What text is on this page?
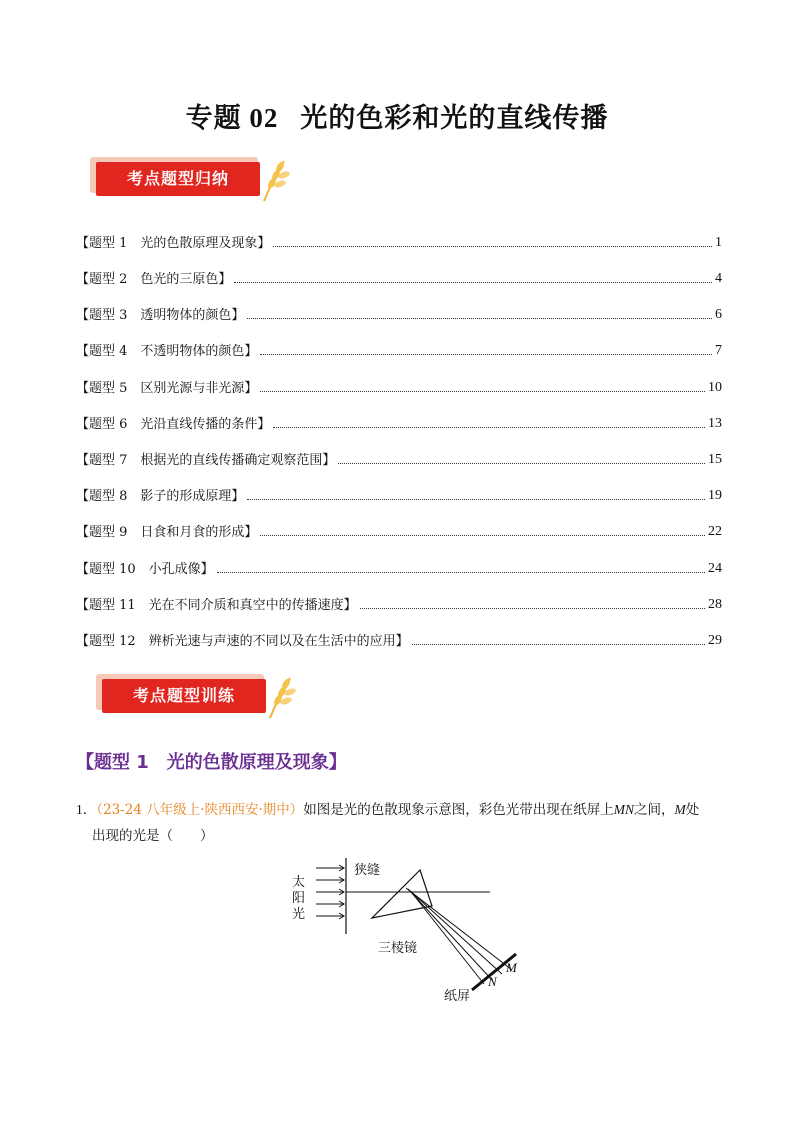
专题 02 光的色彩和光的直线传播
考点题型归纳
【题型 1　光的色散原理及现象】	1
【题型 2　色光的三原色】	4
【题型 3　透明物体的颜色】	6
【题型 4　不透明物体的颜色】	7
【题型 5　区别光源与非光源】	10
【题型 6　光沿直线传播的条件】	13
【题型 7　根据光的直线传播确定观察范围】	15
【题型 8　影子的形成原理】	19
【题型 9　日食和月食的形成】	22
【题型 10　小孔成像】	24
【题型 11　光在不同介质和真空中的传播速度】	28
【题型 12　辨析光速与声速的不同以及在生活中的应用】	29
考点题型训练
【题型 1　光的色散原理及现象】
1．（23-24 八年级上·陕西西安·期中）如图是光的色散现象示意图，彩色光带出现在纸屏上MN之间，M处
出现的光是（　　）
太
阳
光
狭缝
三棱镜
M
N
纸屏
